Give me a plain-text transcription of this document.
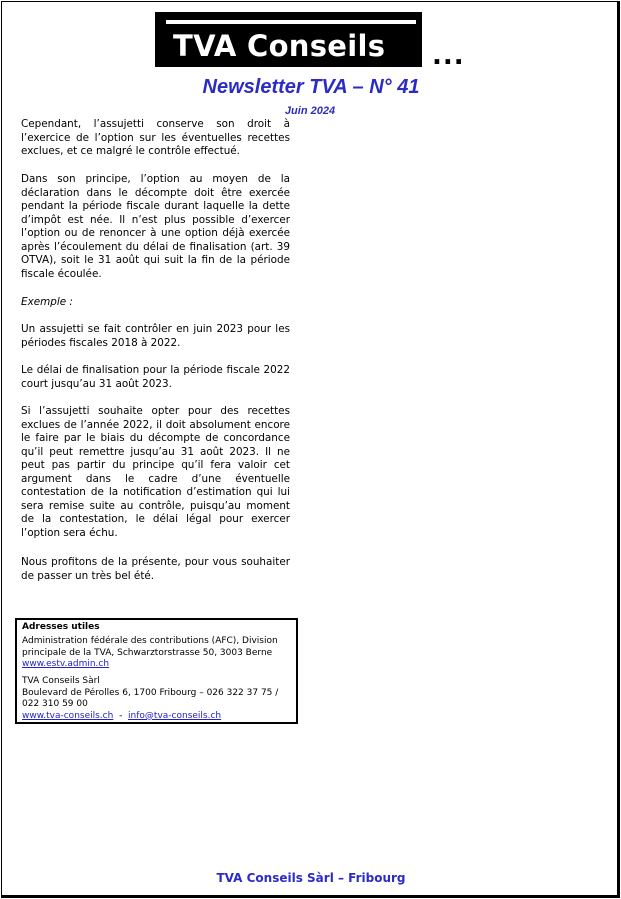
TVA Conseils ...
Newsletter TVA – N° 41
Juin 2024

Cependant, l’assujetti conserve son droit à l’exercice de l’option sur les éventuelles recettes exclues, et ce malgré le contrôle effectué.

Dans son principe, l’option au moyen de la déclaration dans le décompte doit être exercée pendant la période fiscale durant laquelle la dette d’impôt est née. Il n’est plus possible d’exercer l’option ou de renoncer à une option déjà exercée après l’écoulement du délai de finalisation (art. 39 OTVA), soit le 31 août qui suit la fin de la période fiscale écoulée.

Exemple :

Un assujetti se fait contrôler en juin 2023 pour les périodes fiscales 2018 à 2022.

Le délai de finalisation pour la période fiscale 2022 court jusqu’au 31 août 2023.

Si l’assujetti souhaite opter pour des recettes exclues de l’année 2022, il doit absolument encore le faire par le biais du décompte de concordance qu’il peut remettre jusqu’au 31 août 2023. Il ne peut pas partir du principe qu’il fera valoir cet argument dans le cadre d’une éventuelle contestation de la notification d’estimation qui lui sera remise suite au contrôle, puisqu’au moment de la contestation, le délai légal pour exercer l’option sera échu.

Nous profitons de la présente, pour vous souhaiter de passer un très bel été.

Adresses utiles

Administration fédérale des contributions (AFC), Division principale de la TVA, Schwarztorstrasse 50, 3003 Berne

www.estv.admin.ch

TVA Conseils Sàrl

Boulevard de Pérolles 6, 1700 Fribourg – 026 322 37 75 / 022 310 59 00

www.tva-conseils.ch - info@tva-conseils.ch

TVA Conseils Sàrl – Fribourg
